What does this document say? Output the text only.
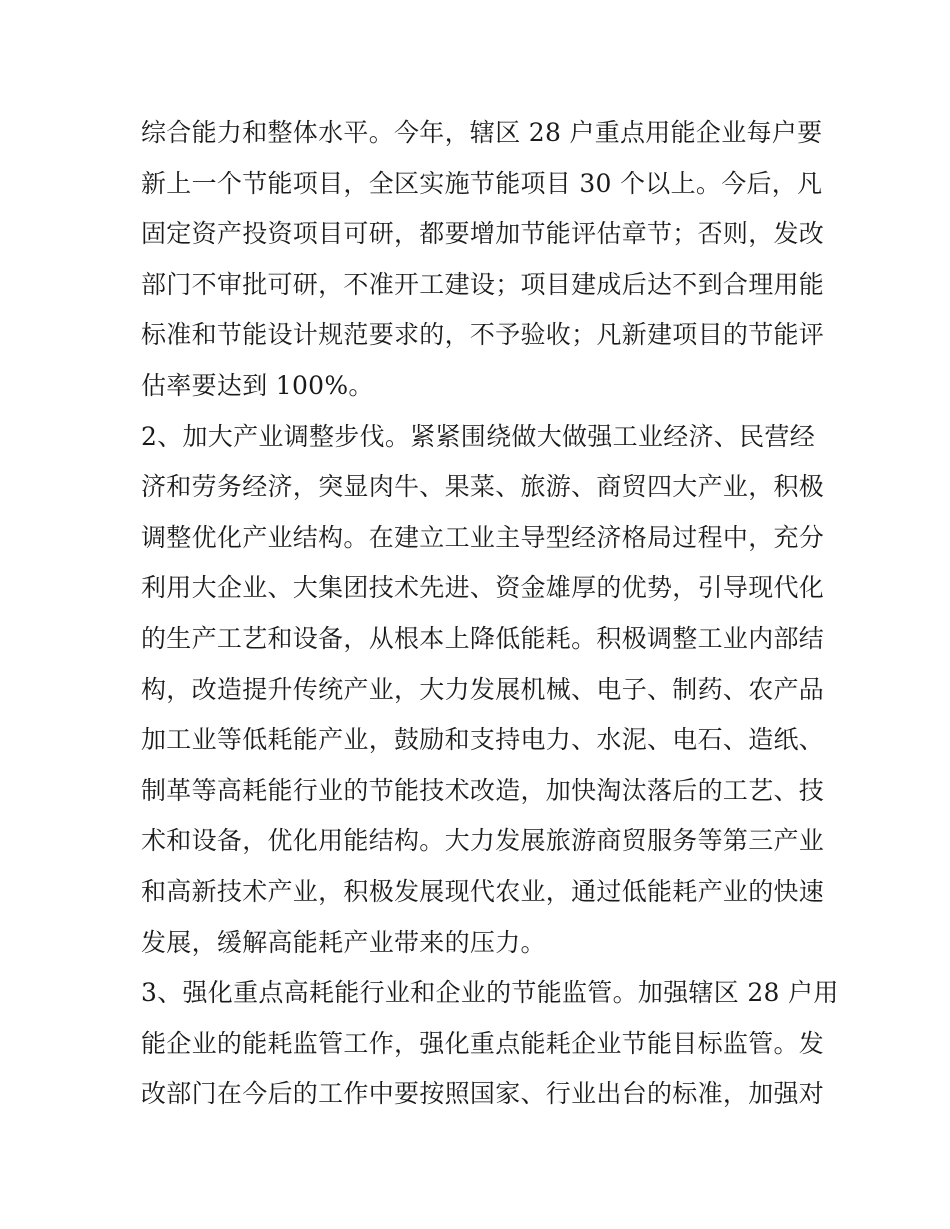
综合能力和整体水平。今年，辖区 28 户重点用能企业每户要
新上一个节能项目，全区实施节能项目 30 个以上。今后，凡
固定资产投资项目可研，都要增加节能评估章节；否则，发改
部门不审批可研，不准开工建设；项目建成后达不到合理用能
标准和节能设计规范要求的，不予验收；凡新建项目的节能评
估率要达到 100%。
2、加大产业调整步伐。紧紧围绕做大做强工业经济、民营经
济和劳务经济，突显肉牛、果菜、旅游、商贸四大产业，积极
调整优化产业结构。在建立工业主导型经济格局过程中，充分
利用大企业、大集团技术先进、资金雄厚的优势，引导现代化
的生产工艺和设备，从根本上降低能耗。积极调整工业内部结
构，改造提升传统产业，大力发展机械、电子、制药、农产品
加工业等低耗能产业，鼓励和支持电力、水泥、电石、造纸、
制革等高耗能行业的节能技术改造，加快淘汰落后的工艺、技
术和设备，优化用能结构。大力发展旅游商贸服务等第三产业
和高新技术产业，积极发展现代农业，通过低能耗产业的快速
发展，缓解高能耗产业带来的压力。
3、强化重点高耗能行业和企业的节能监管。加强辖区 28 户用
能企业的能耗监管工作，强化重点能耗企业节能目标监管。发
改部门在今后的工作中要按照国家、行业出台的标准，加强对
